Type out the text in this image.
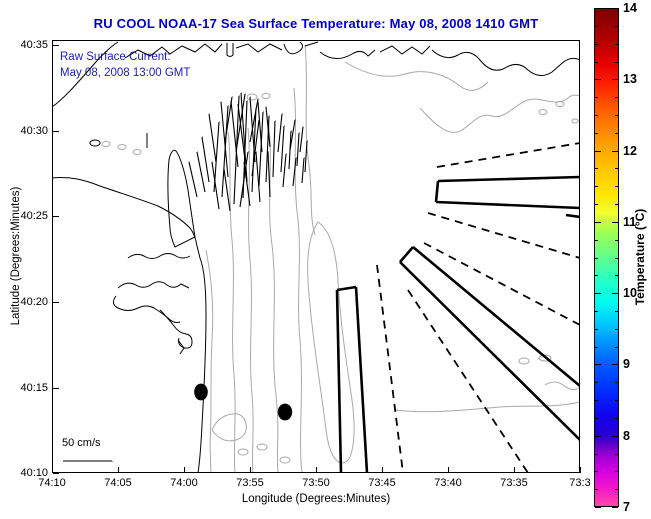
RU COOL NOAA-17 Sea Surface Temperature: May 08, 2008 1410 GMT
Raw Surface Current:
May 08, 2008 13:00 GMT
Longitude (Degrees:Minutes)
Latitude (Degrees:Minutes)
50 cm/s
Temperature (°C)
74:10	74:05	74:00	73:55	73:50	73:45	73:40	73:35	73:3
40:35
40:30
40:25
40:20
40:15
40:10
14
13
12
11
10
9
8
7
